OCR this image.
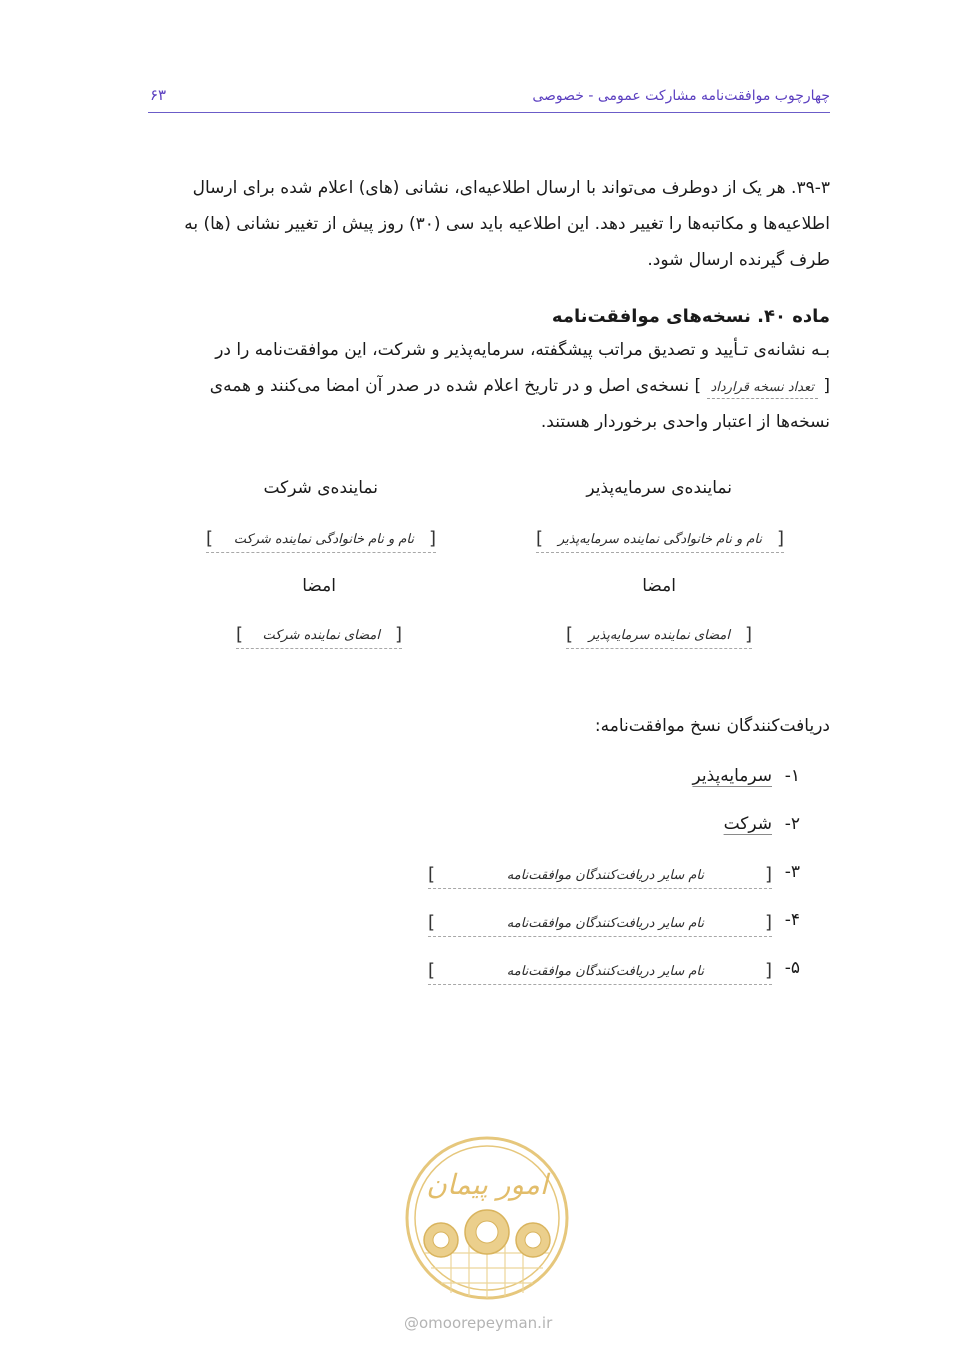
چهارچوب موافقت‌نامه مشارکت عمومی - خصوصی
۶۳
۳۹-۳. هر یک از دوطرف می‌تواند با ارسال اطلاعیه‌ای، نشانی (های) اعلام شده برای ارسال
اطلاعیه‌ها و مکاتبه‌ها را تغییر دهد. این اطلاعیه باید سی (۳۰) روز پیش از تغییر نشانی (ها) به
طرف گیرنده ارسال شود.
ماده ۴۰. نسخه‌های موافقت‌نامه
بـه نشانه‌ی تـأیید و تصدیق مراتب پیشگفته، سرمایه‌پذیر و شرکت، این موافقت‌نامه را در
[ تعداد نسخه قرارداد ] نسخه‌ی اصل و در تاریخ اعلام شده در صدر آن امضا می‌کنند و همه‌ی
نسخه‌ها از اعتبار واحدی برخوردار هستند.
نماینده‌ی سرمایه‌پذیر
[
نام و نام خانوادگی نماینده سرمایه‌پذیر
]
امضا
[
امضای نماینده سرمایه‌پذیر
]
نماینده‌ی شرکت
[
نام و نام خانوادگی نماینده شرکت
]
امضا
[
امضای نماینده شرکت
]
دریافت‌کنندگان نسخ موافقت‌نامه:
۱-
سرمایه‌پذیر
۲-
شرکت
۳-
[
نام سایر دریافت‌کنندگان موافقت‌نامه
]
۴-
[
نام سایر دریافت‌کنندگان موافقت‌نامه
]
۵-
[
نام سایر دریافت‌کنندگان موافقت‌نامه
]
امور پیمان
@omoorepeyman.ir
